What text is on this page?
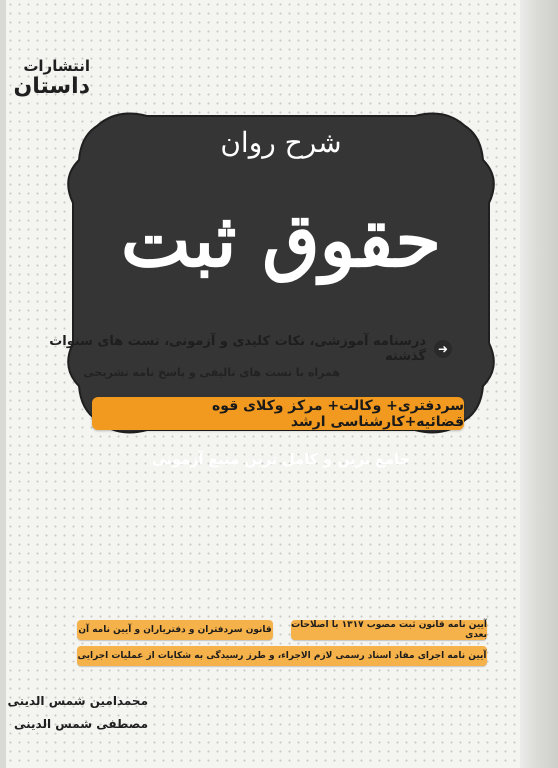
انتشارات
داستان
شرح روان
حقوق ثبت
جامع ترین و کامل ترین منبع آزمونی
سردفتری+ وکالت+ مرکز وکلای قوه قضائیه+کارشناسی ارشد
➜
درسنامه آموزشی، نکات کلیدی و آزمونی، تست های سنوات گذشته
همراه با تست های تالیفی و پاسخ نامه تشریحی
آیین نامه قانون ثبت مصوب ۱۳۱۷ با اصلاحات بعدی
قانون سردفتران و دفترياران و آیین نامه آن
آیین نامه اجرای مفاد اسناد رسمی لازم الاجراء، و طرز رسیدگی به شکایات از عملیات اجرایی
محمدامین شمس الدینی
مصطفی شمس الدینی
